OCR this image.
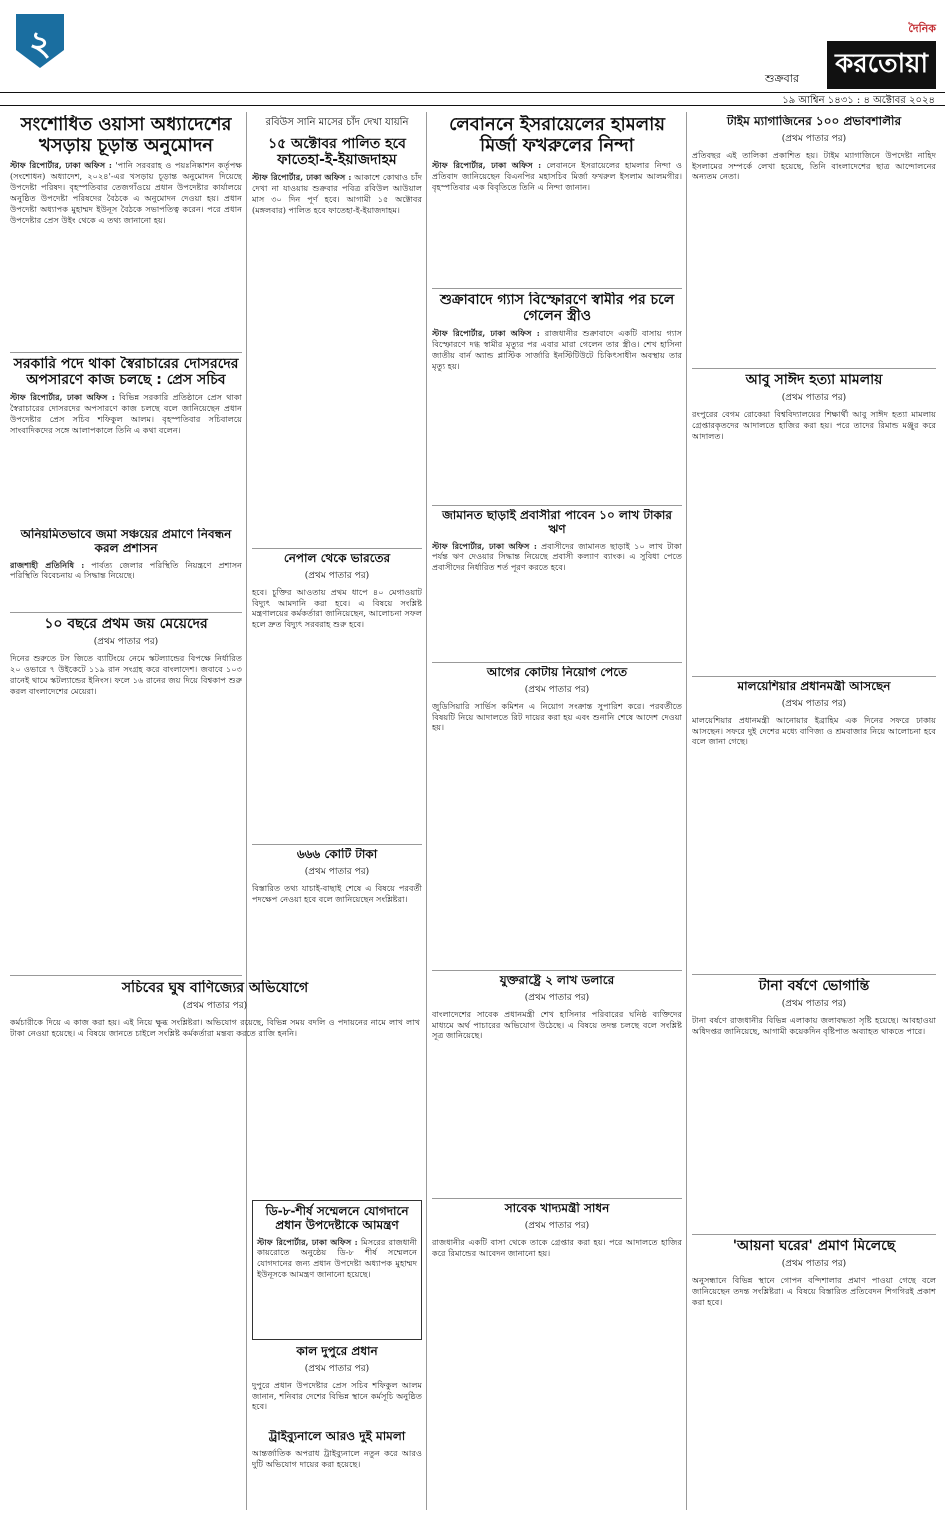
২
শুক্রবার
দৈনিক
করতোয়া
১৯ আশ্বিন ১৪৩১ : ৪ অক্টোবর ২০২৪
সংশোধিত ওয়াসা অধ্যাদেশের খসড়ায় চূড়ান্ত অনুমোদন

স্টাফ রিপোর্টার, ঢাকা অফিস : 'পানি সরবরাহ ও পয়ঃনিষ্কাশন কর্তৃপক্ষ (সংশোধন) অধ্যাদেশ, ২০২৪'-এর খসড়ায় চূড়ান্ত অনুমোদন দিয়েছে উপদেষ্টা পরিষদ। বৃহস্পতিবার তেজগাঁওয়ে প্রধান উপদেষ্টার কার্যালয়ে অনুষ্ঠিত উপদেষ্টা পরিষদের বৈঠকে এ অনুমোদন দেওয়া হয়। প্রধান উপদেষ্টা অধ্যাপক মুহাম্মদ ইউনূস বৈঠকে সভাপতিত্ব করেন। পরে প্রধান উপদেষ্টার প্রেস উইং থেকে এ তথ্য জানানো হয়।

সরকারি পদে থাকা স্বৈরাচারের দোসরদের অপসারণে কাজ চলছে : প্রেস সচিব

স্টাফ রিপোর্টার, ঢাকা অফিস : বিভিন্ন সরকারি প্রতিষ্ঠানে প্রেস থাকা স্বৈরাচারের দোসরদের অপসারণে কাজ চলছে বলে জানিয়েছেন প্রধান উপদেষ্টার প্রেস সচিব শফিকুল আলম। বৃহস্পতিবার সচিবালয়ে সাংবাদিকদের সঙ্গে আলাপকালে তিনি এ কথা বলেন।

অনিয়মিতভাবে জমা সঞ্চয়ের প্রমাণে নিবন্ধন করল প্রশাসন

রাজশাহী প্রতিনিধি : পার্বত্য জেলার পরিস্থিতি নিয়ন্ত্রণে প্রশাসন পরিস্থিতি বিবেচনায় এ সিদ্ধান্ত নিয়েছে।

১০ বছরে প্রথম জয় মেয়েদের
(প্রথম পাতার পর)
দিনের শুরুতে টস জিতে ব্যাটিংয়ে নেমে স্কটল্যান্ডের বিপক্ষে নির্ধারিত ২০ ওভারে ৭ উইকেটে ১১৯ রান সংগ্রহ করে বাংলাদেশ। জবাবে ১০৩ রানেই থামে স্কটল্যান্ডের ইনিংস। ফলে ১৬ রানের জয় দিয়ে বিশ্বকাপ শুরু করল বাংলাদেশের মেয়েরা।
সচিবের ঘুষ বাণিজ্যের অভিযোগে
(প্রথম পাতার পর)
কর্মচারীকে দিয়ে এ কাজ করা হয়। এই নিয়ে ক্ষুব্ধ সংশ্লিষ্টরা। অভিযোগ রয়েছে, বিভিন্ন সময় বদলি ও পদায়নের নামে লাখ লাখ টাকা নেওয়া হয়েছে। এ বিষয়ে জানতে চাইলে সংশ্লিষ্ট কর্মকর্তারা মন্তব্য করতে রাজি হননি।
রবিউস সানি মাসের চাঁদ দেখা যায়নি
১৫ অক্টোবর পালিত হবে ফাতেহা-ই-ইয়াজদাহম

স্টাফ রিপোর্টার, ঢাকা অফিস : আকাশে কোথাও চাঁদ দেখা না যাওয়ায় শুক্রবার পবিত্র রবিউল আউয়াল মাস ৩০ দিন পূর্ণ হবে। আগামী ১৫ অক্টোবর (মঙ্গলবার) পালিত হবে ফাতেহা-ই-ইয়াজদাহম।

নেপাল থেকে ভারতের
(প্রথম পাতার পর)
হবে। চুক্তির আওতায় প্রথম ধাপে ৪০ মেগাওয়াট বিদ্যুৎ আমদানি করা হবে। এ বিষয়ে সংশ্লিষ্ট মন্ত্রণালয়ের কর্মকর্তারা জানিয়েছেন, আলোচনা সফল হলে দ্রুত বিদ্যুৎ সরবরাহ শুরু হবে।
৬৬৬ কোটি টাকা
(প্রথম পাতার পর)
বিস্তারিত তথ্য যাচাই-বাছাই শেষে এ বিষয়ে পরবর্তী পদক্ষেপ নেওয়া হবে বলে জানিয়েছেন সংশ্লিষ্টরা।
লেবাননে ইসরায়েলের হামলায় মির্জা ফখরুলের নিন্দা

স্টাফ রিপোর্টার, ঢাকা অফিস : লেবাননে ইসরায়েলের হামলার নিন্দা ও প্রতিবাদ জানিয়েছেন বিএনপির মহাসচিব মির্জা ফখরুল ইসলাম আলমগীর। বৃহস্পতিবার এক বিবৃতিতে তিনি এ নিন্দা জানান।

শুক্রাবাদে গ্যাস বিস্ফোরণে স্বামীর পর চলে গেলেন স্ত্রীও

স্টাফ রিপোর্টার, ঢাকা অফিস : রাজধানীর শুক্রাবাদে একটি বাসায় গ্যাস বিস্ফোরণে দগ্ধ স্বামীর মৃত্যুর পর এবার মারা গেলেন তার স্ত্রীও। শেখ হাসিনা জাতীয় বার্ন অ্যান্ড প্লাস্টিক সার্জারি ইনস্টিটিউটে চিকিৎসাধীন অবস্থায় তার মৃত্যু হয়।

জামানত ছাড়াই প্রবাসীরা পাবেন ১০ লাখ টাকার ঋণ

স্টাফ রিপোর্টার, ঢাকা অফিস : প্রবাসীদের জামানত ছাড়াই ১০ লাখ টাকা পর্যন্ত ঋণ দেওয়ার সিদ্ধান্ত নিয়েছে প্রবাসী কল্যাণ ব্যাংক। এ সুবিধা পেতে প্রবাসীদের নির্ধারিত শর্ত পূরণ করতে হবে।

আগের কোটায় নিয়োগ পেতে
(প্রথম পাতার পর)
জুডিসিয়ারি সার্ভিস কমিশন এ নিয়োগ সংক্রান্ত সুপারিশ করে। পরবর্তীতে বিষয়টি নিয়ে আদালতে রিট দায়ের করা হয় এবং শুনানি শেষে আদেশ দেওয়া হয়।
যুক্তরাষ্ট্রে ২ লাখ ডলারে
(প্রথম পাতার পর)
বাংলাদেশের সাবেক প্রধানমন্ত্রী শেখ হাসিনার পরিবারের ঘনিষ্ঠ ব্যক্তিদের মাধ্যমে অর্থ পাচারের অভিযোগ উঠেছে। এ বিষয়ে তদন্ত চলছে বলে সংশ্লিষ্ট সূত্র জানিয়েছে।
সাবেক খাদ্যমন্ত্রী সাধন
(প্রথম পাতার পর)
রাজধানীর একটি বাসা থেকে তাকে গ্রেপ্তার করা হয়। পরে আদালতে হাজির করে রিমান্ডের আবেদন জানানো হয়।
টাইম ম্যাগাজিনের ১০০ প্রভাবশালীর
(প্রথম পাতার পর)
প্রতিবছর এই তালিকা প্রকাশিত হয়। টাইম ম্যাগাজিনে উপদেষ্টা নাহিদ ইসলামের সম্পর্কে লেখা হয়েছে, তিনি বাংলাদেশের ছাত্র আন্দোলনের অন্যতম নেতা।
আবু সাঈদ হত্যা মামলায়
(প্রথম পাতার পর)
রংপুরের বেগম রোকেয়া বিশ্ববিদ্যালয়ের শিক্ষার্থী আবু সাঈদ হত্যা মামলায় গ্রেপ্তারকৃতদের আদালতে হাজির করা হয়। পরে তাদের রিমান্ড মঞ্জুর করে আদালত।
মালয়েশিয়ার প্রধানমন্ত্রী আসছেন
(প্রথম পাতার পর)
মালয়েশিয়ার প্রধানমন্ত্রী আনোয়ার ইব্রাহিম এক দিনের সফরে ঢাকায় আসছেন। সফরে দুই দেশের মধ্যে বাণিজ্য ও শ্রমবাজার নিয়ে আলোচনা হবে বলে জানা গেছে।
টানা বর্ষণে ভোগান্তি
(প্রথম পাতার পর)
টানা বর্ষণে রাজধানীর বিভিন্ন এলাকায় জলাবদ্ধতা সৃষ্টি হয়েছে। আবহাওয়া অধিদপ্তর জানিয়েছে, আগামী কয়েকদিন বৃষ্টিপাত অব্যাহত থাকতে পারে।
'আয়না ঘরের' প্রমাণ মিলেছে
(প্রথম পাতার পর)
অনুসন্ধানে বিভিন্ন স্থানে গোপন বন্দিশালার প্রমাণ পাওয়া গেছে বলে জানিয়েছেন তদন্ত সংশ্লিষ্টরা। এ বিষয়ে বিস্তারিত প্রতিবেদন শিগগিরই প্রকাশ করা হবে।
ডি-৮-শীর্ষ সম্মেলনে যোগদানে প্রধান উপদেষ্টাকে আমন্ত্রণ

স্টাফ রিপোর্টার, ঢাকা অফিস : মিসরের রাজধানী কায়রোতে অনুষ্ঠেয় ডি-৮ শীর্ষ সম্মেলনে যোগদানের জন্য প্রধান উপদেষ্টা অধ্যাপক মুহাম্মদ ইউনূসকে আমন্ত্রণ জানানো হয়েছে।

কাল দুপুরে প্রধান
(প্রথম পাতার পর)
দুপুরে প্রধান উপদেষ্টার প্রেস সচিব শফিকুল আলম জানান, শনিবার দেশের বিভিন্ন স্থানে কর্মসূচি অনুষ্ঠিত হবে।
ট্রাইব্যুনালে আরও দুই মামলা
আন্তর্জাতিক অপরাধ ট্রাইব্যুনালে নতুন করে আরও দুটি অভিযোগ দায়ের করা হয়েছে।
